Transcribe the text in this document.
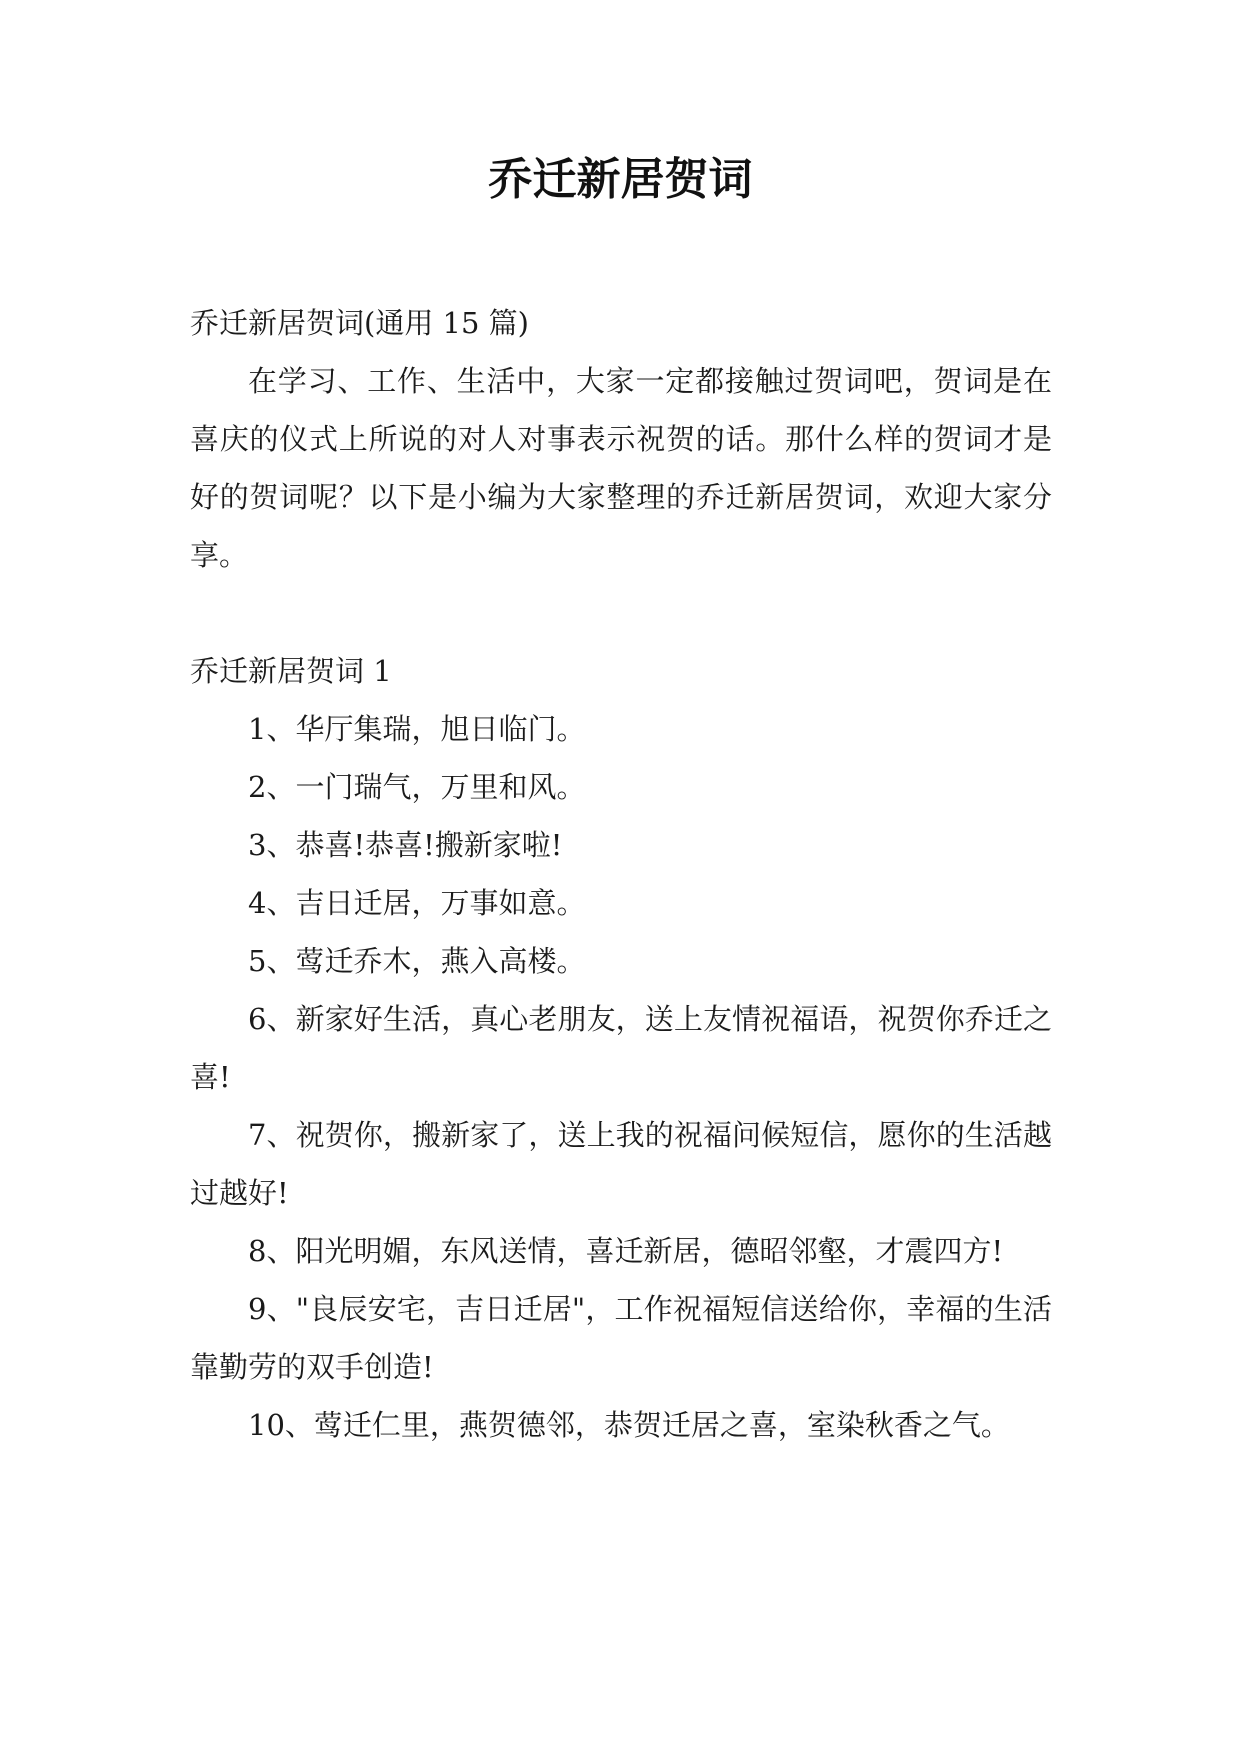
乔迁新居贺词

乔迁新居贺词(通用 15 篇)

在学习、工作、生活中，大家一定都接触过贺词吧，贺词是在喜庆的仪式上所说的对人对事表示祝贺的话。那什么样的贺词才是好的贺词呢？以下是小编为大家整理的乔迁新居贺词，欢迎大家分享。

乔迁新居贺词 1

1、华厅集瑞，旭日临门。

2、一门瑞气，万里和风。

3、恭喜!恭喜!搬新家啦!

4、吉日迁居，万事如意。

5、莺迁乔木，燕入高楼。

6、新家好生活，真心老朋友，送上友情祝福语，祝贺你乔迁之喜!

7、祝贺你，搬新家了，送上我的祝福问候短信，愿你的生活越过越好!

8、阳光明媚，东风送情，喜迁新居，德昭邻壑，才震四方!

9、"良辰安宅，吉日迁居"，工作祝福短信送给你，幸福的生活靠勤劳的双手创造!

10、莺迁仁里，燕贺德邻，恭贺迁居之喜，室染秋香之气。
